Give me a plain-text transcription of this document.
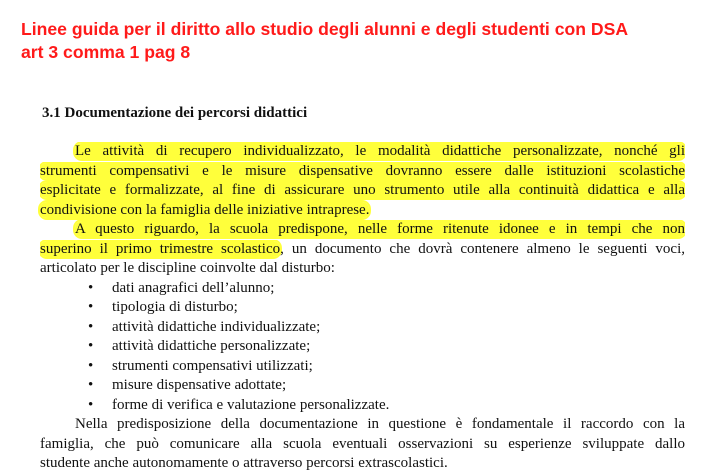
Linee guida per il diritto allo studio degli alunni e degli studenti con DSA
art 3 comma 1 pag 8
3.1 Documentazione dei percorsi didattici
Le attività di recupero individualizzato, le modalità didattiche personalizzate, nonché gli
strumenti compensativi e le misure dispensative dovranno essere dalle istituzioni scolastiche
esplicitate e formalizzate, al fine di assicurare uno strumento utile alla continuità didattica e alla
condivisione con la famiglia delle iniziative intraprese.
A questo riguardo, la scuola predispone, nelle forme ritenute idonee e in tempi che non
superino il primo trimestre scolastico, un documento che dovrà contenere almeno le seguenti voci,
articolato per le discipline coinvolte dal disturbo:
• dati anagrafici dell’alunno;
• tipologia di disturbo;
• attività didattiche individualizzate;
• attività didattiche personalizzate;
• strumenti compensativi utilizzati;
• misure dispensative adottate;
• forme di verifica e valutazione personalizzate.
Nella predisposizione della documentazione in questione è fondamentale il raccordo con la
famiglia, che può comunicare alla scuola eventuali osservazioni su esperienze sviluppate dallo
studente anche autonomamente o attraverso percorsi extrascolastici.
